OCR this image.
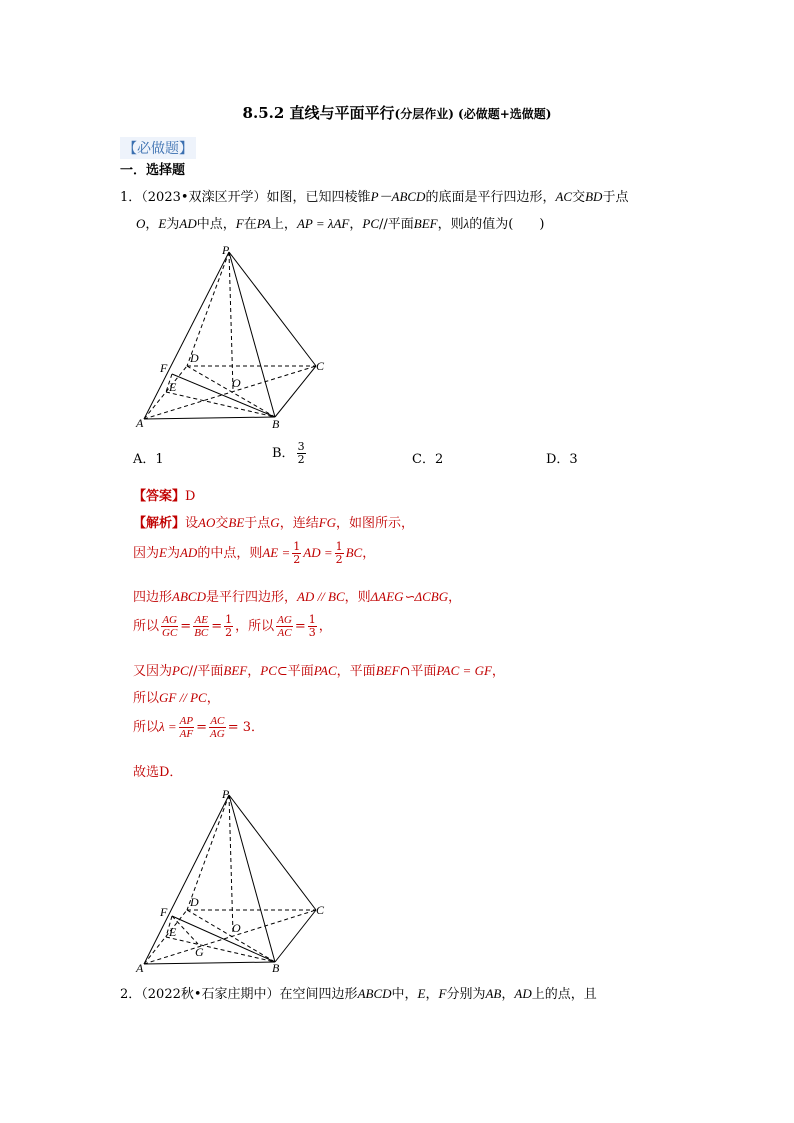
8.5.2 直线与平面平行(分层作业) (必做题+选做题)
【必做题】
一．选择题
1．（2023•双滦区开学）如图，已知四棱锥P－ABCD的底面是平行四边形，AC交BD于点
O，E为AD中点，F在PA上，AP = λAF，PC//平面BEF，则λ的值为(　　)
P
A	B
C
D
E
F
O
A．1	B． $\frac{3}{2}$	C．2	D．3
【答案】D
【解析】设AO交BE于点G，连结FG，如图所示，
因为E为AD的中点，则AE = $\frac{1}{2}$ AD = $\frac{1}{2}$ BC，
四边形ABCD是平行四边形，AD // BC，则ΔAEG∽ΔCBG，
所以 $\frac{AG}{GC} = \frac{AE}{BC} = \frac{1}{2}$ ，所以 $\frac{AG}{AC} = \frac{1}{3}$ ，
又因为PC//平面BEF，PC⊂平面PAC，平面BEF∩平面PAC = GF，
所以GF // PC，
所以$\lambda = \frac{AP}{AF} = \frac{AC}{AG} = 3$．
故选D．
P
A	B
C
D
E
F
O
G
2．（2022秋•石家庄期中）在空间四边形ABCD中，E，F分别为AB，AD上的点，且
